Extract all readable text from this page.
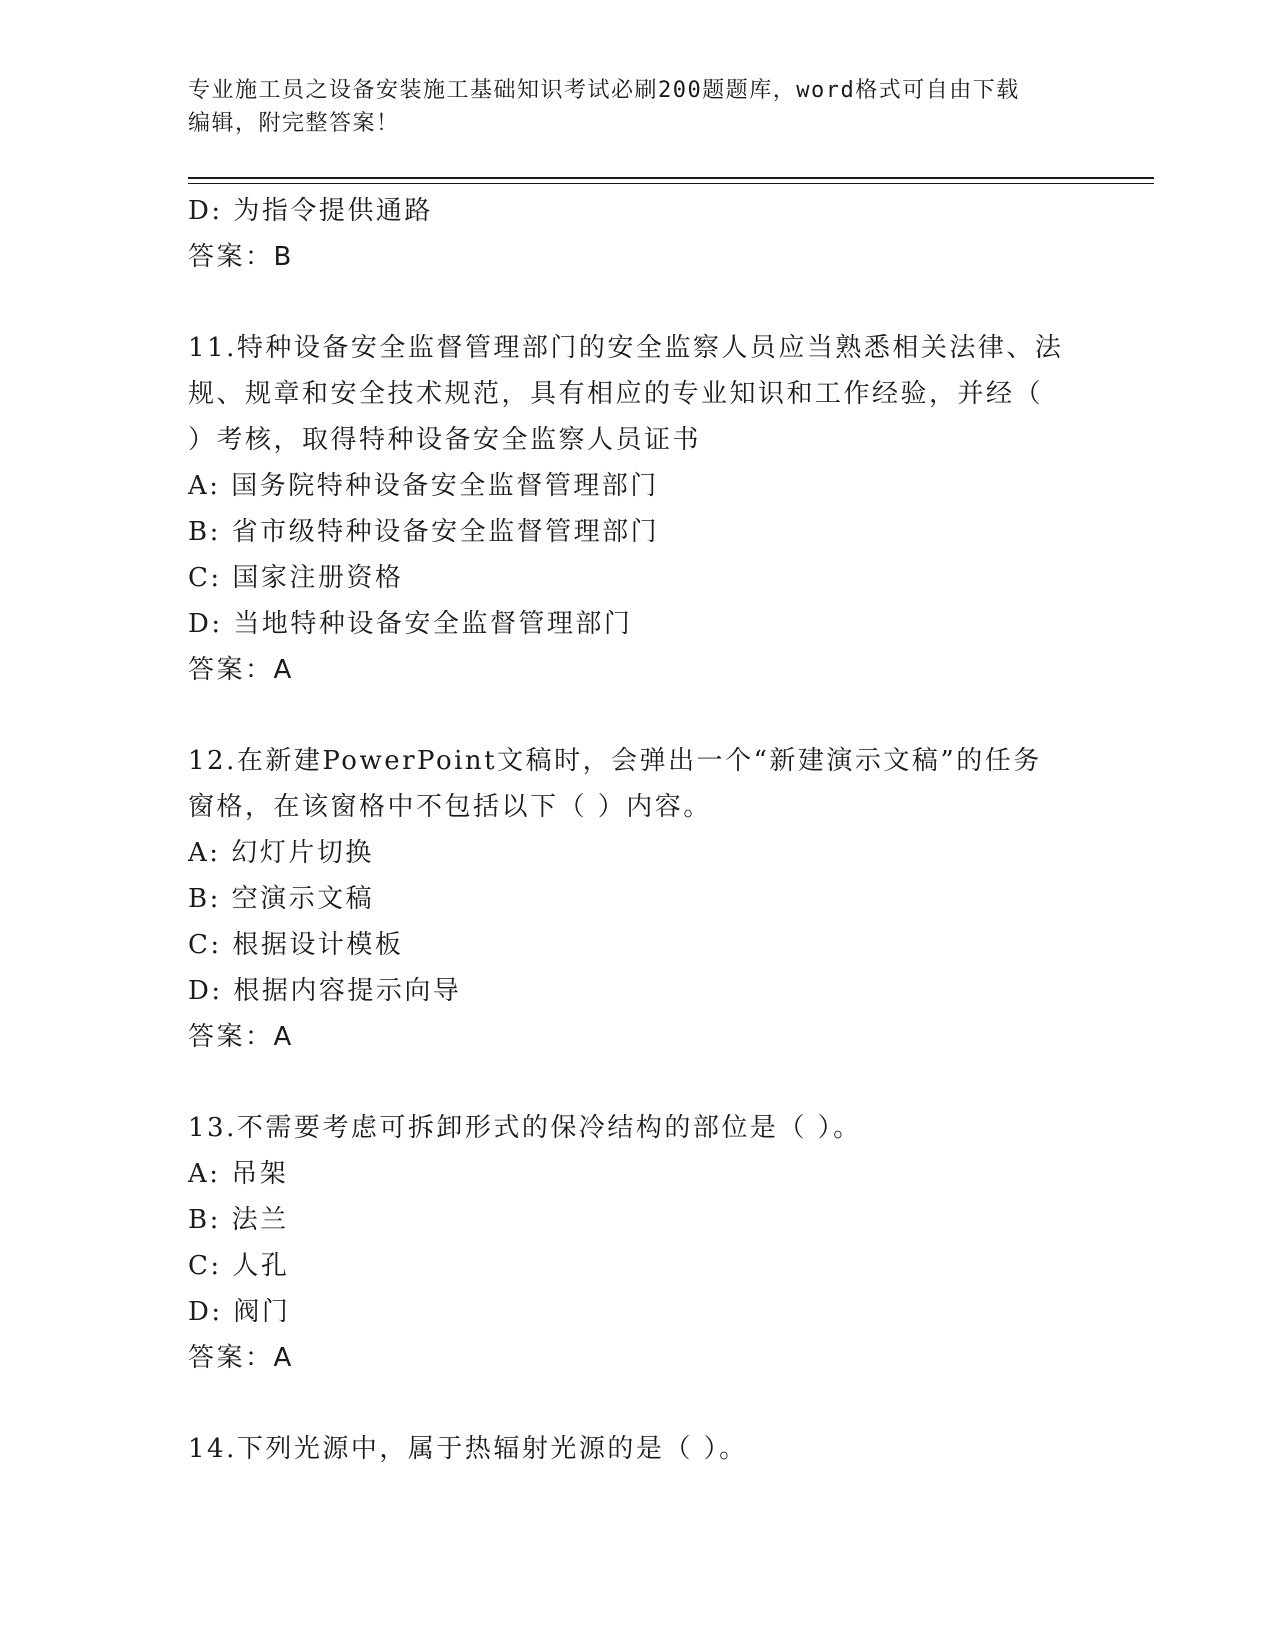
专业施工员之设备安装施工基础知识考试必刷200题题库，word格式可自由下载
编辑，附完整答案！
D: 为指令提供通路
答案：B
11.特种设备安全监督管理部门的安全监察人员应当熟悉相关法律、法
规、规章和安全技术规范，具有相应的专业知识和工作经验，并经（
）考核，取得特种设备安全监察人员证书
A: 国务院特种设备安全监督管理部门
B: 省市级特种设备安全监督管理部门
C: 国家注册资格
D: 当地特种设备安全监督管理部门
答案：A
12.在新建PowerPoint文稿时，会弹出一个“新建演示文稿”的任务
窗格，在该窗格中不包括以下（ ）内容。
A: 幻灯片切换
B: 空演示文稿
C: 根据设计模板
D: 根据内容提示向导
答案：A
13.不需要考虑可拆卸形式的保冷结构的部位是（ ）。
A: 吊架
B: 法兰
C: 人孔
D: 阀门
答案：A
14.下列光源中，属于热辐射光源的是（ ）。
